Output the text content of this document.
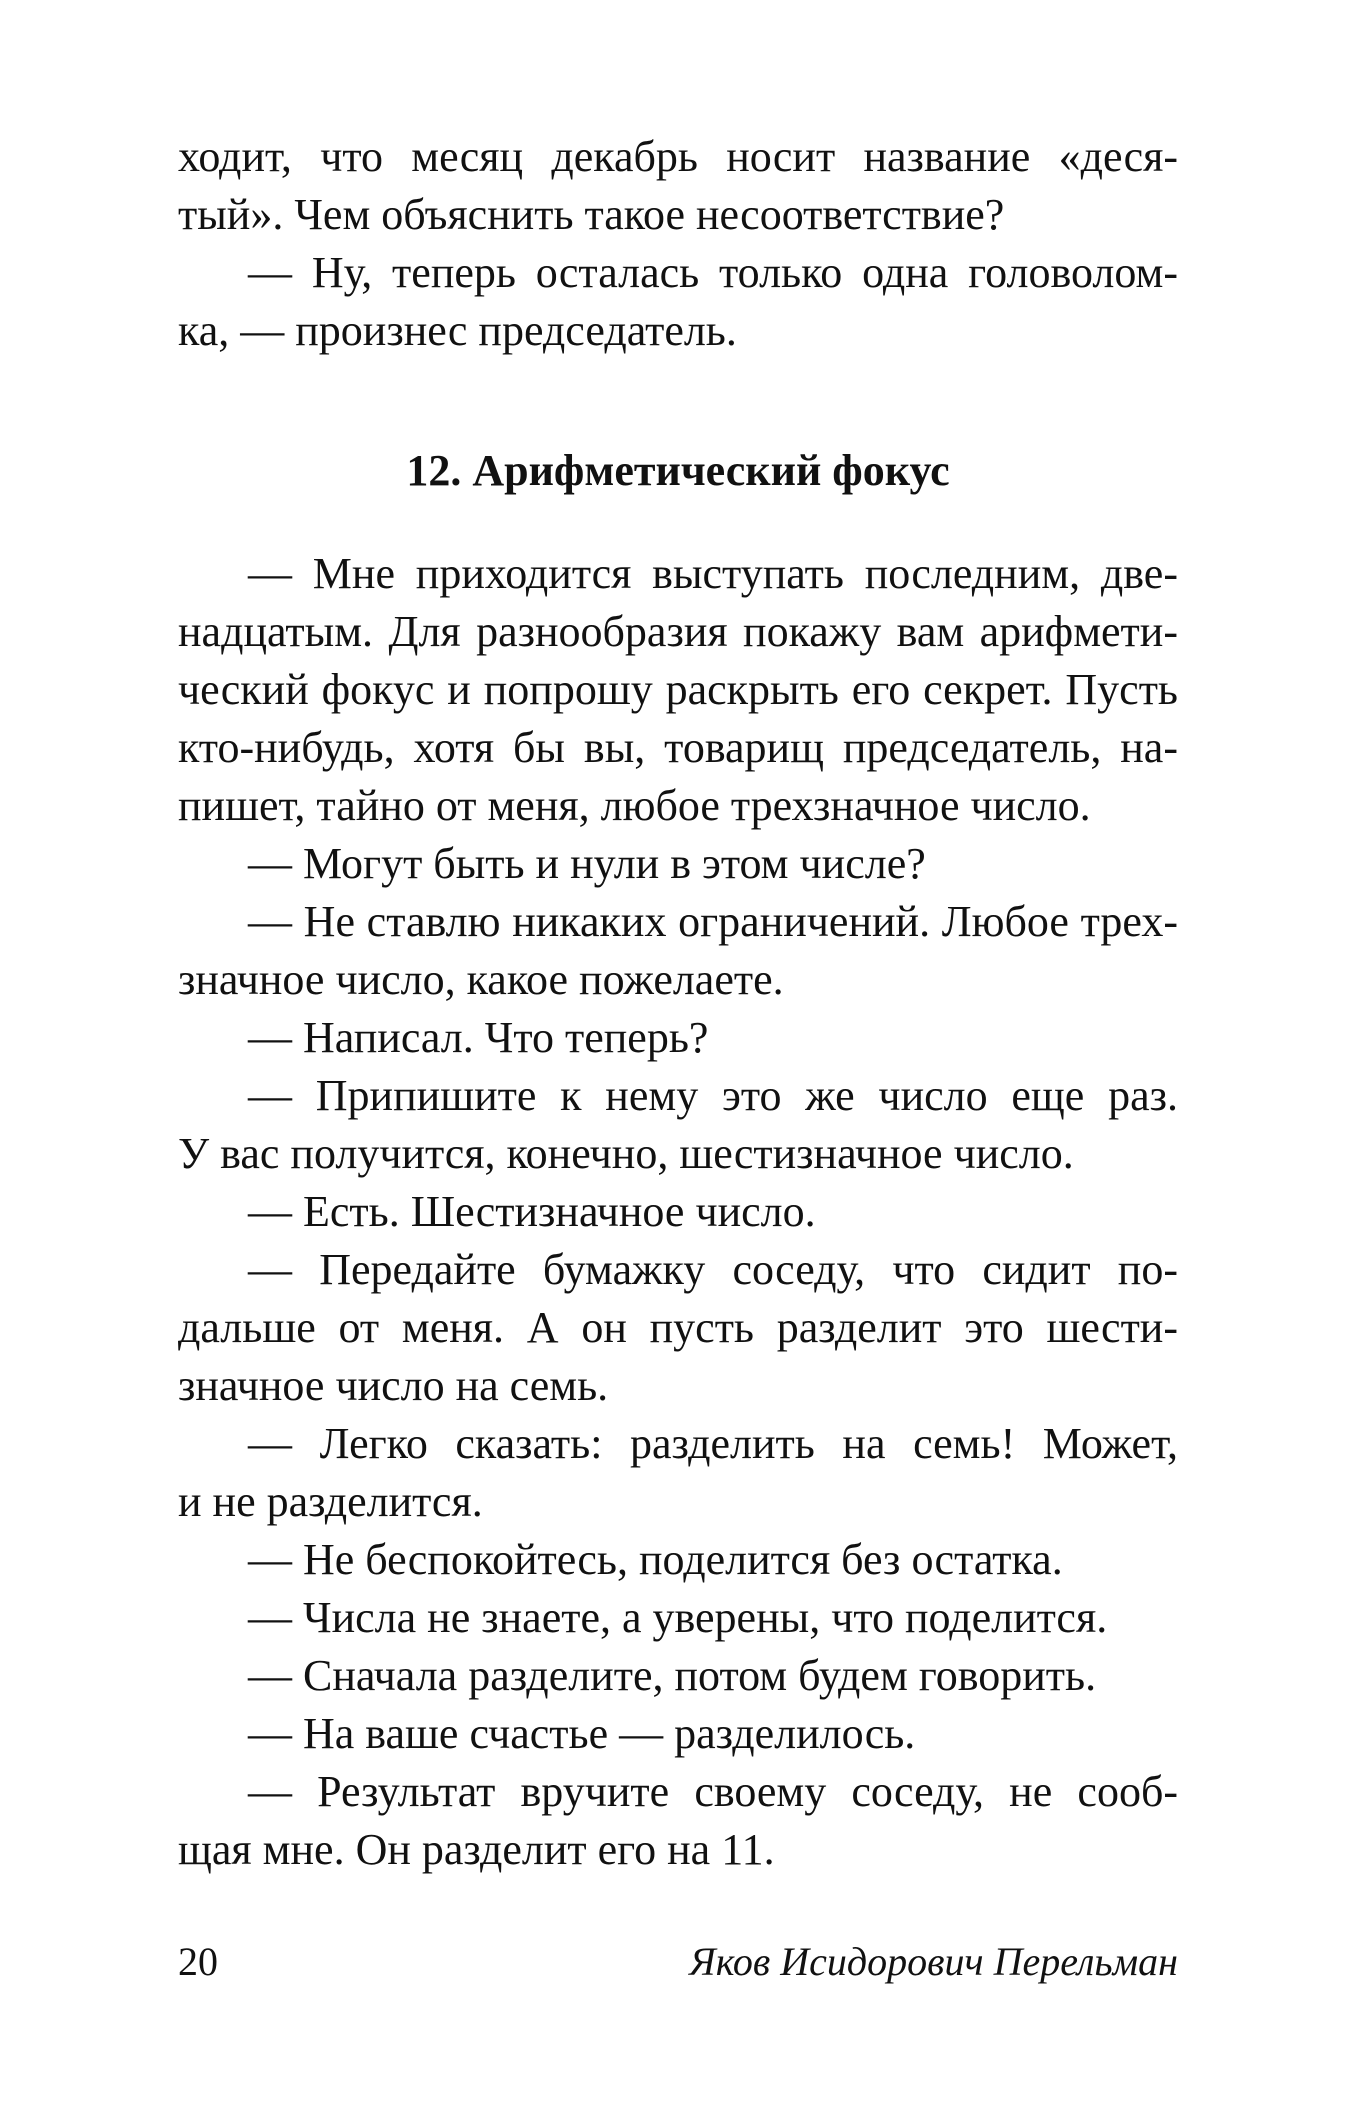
ходит, что месяц декабрь носит название «деся-
тый». Чем объяснить такое несоответствие?
— Ну, теперь осталась только одна головолом-
ка, — произнес председатель.
12. Арифметический фокус
— Мне приходится выступать последним, две-
надцатым. Для разнообразия покажу вам арифмети-
ческий фокус и попрошу раскрыть его секрет. Пусть
кто-нибудь, хотя бы вы, товарищ председатель, на-
пишет, тайно от меня, любое трехзначное число.
— Могут быть и нули в этом числе?
— Не ставлю никаких ограничений. Любое трех-
значное число, какое пожелаете.
— Написал. Что теперь?
— Припишите к нему это же число еще раз.
У вас получится, конечно, шестизначное число.
— Есть. Шестизначное число.
— Передайте бумажку соседу, что сидит по-
дальше от меня. А он пусть разделит это шести-
значное число на семь.
— Легко сказать: разделить на семь! Может,
и не разделится.
— Не беспокойтесь, поделится без остатка.
— Числа не знаете, а уверены, что поделится.
— Сначала разделите, потом будем говорить.
— На ваше счастье — разделилось.
— Результат вручите своему соседу, не сооб-
щая мне. Он разделит его на 11.
20	Яков Исидорович Перельман
